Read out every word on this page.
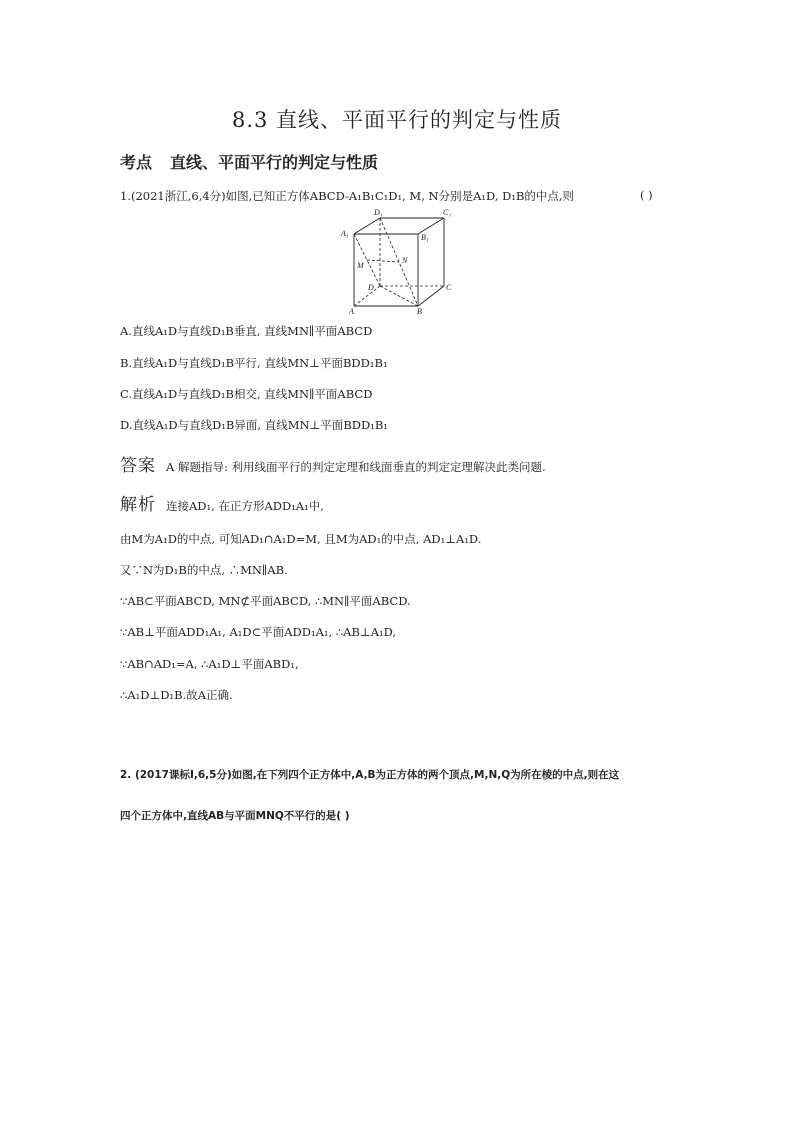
8.3 直线、平面平行的判定与性质
考点 直线、平面平行的判定与性质
1.(2021浙江,6,4分)如图,已知正方体ABCD-A₁B₁C₁D₁, M, N分别是A₁D, D₁B的中点,则	( )
D₁	C₁
A₁	B₁
N
M
D	C
A	B
A.直线A₁D与直线D₁B垂直, 直线MN∥平面ABCD
B.直线A₁D与直线D₁B平行, 直线MN⊥平面BDD₁B₁
C.直线A₁D与直线D₁B相交, 直线MN∥平面ABCD
D.直线A₁D与直线D₁B异面, 直线MN⊥平面BDD₁B₁
答案 A 解题指导: 利用线面平行的判定定理和线面垂直的判定定理解决此类问题.
解析 连接AD₁, 在正方形ADD₁A₁中,
由M为A₁D的中点, 可知AD₁∩A₁D=M, 且M为AD₁的中点, AD₁⊥A₁D.
又∵N为D₁B的中点, ∴MN∥AB.
∵AB⊂平面ABCD, MN⊄平面ABCD, ∴MN∥平面ABCD.
∵AB⊥平面ADD₁A₁, A₁D⊂平面ADD₁A₁, ∴AB⊥A₁D,
∵AB∩AD₁=A, ∴A₁D⊥平面ABD₁,
∴A₁D⊥D₁B.故A正确.
2. (2017课标Ⅰ,6,5分)如图,在下列四个正方体中,A,B为正方体的两个顶点,M,N,Q为所在棱的中点,则在这
四个正方体中,直线AB与平面MNQ不平行的是( )
